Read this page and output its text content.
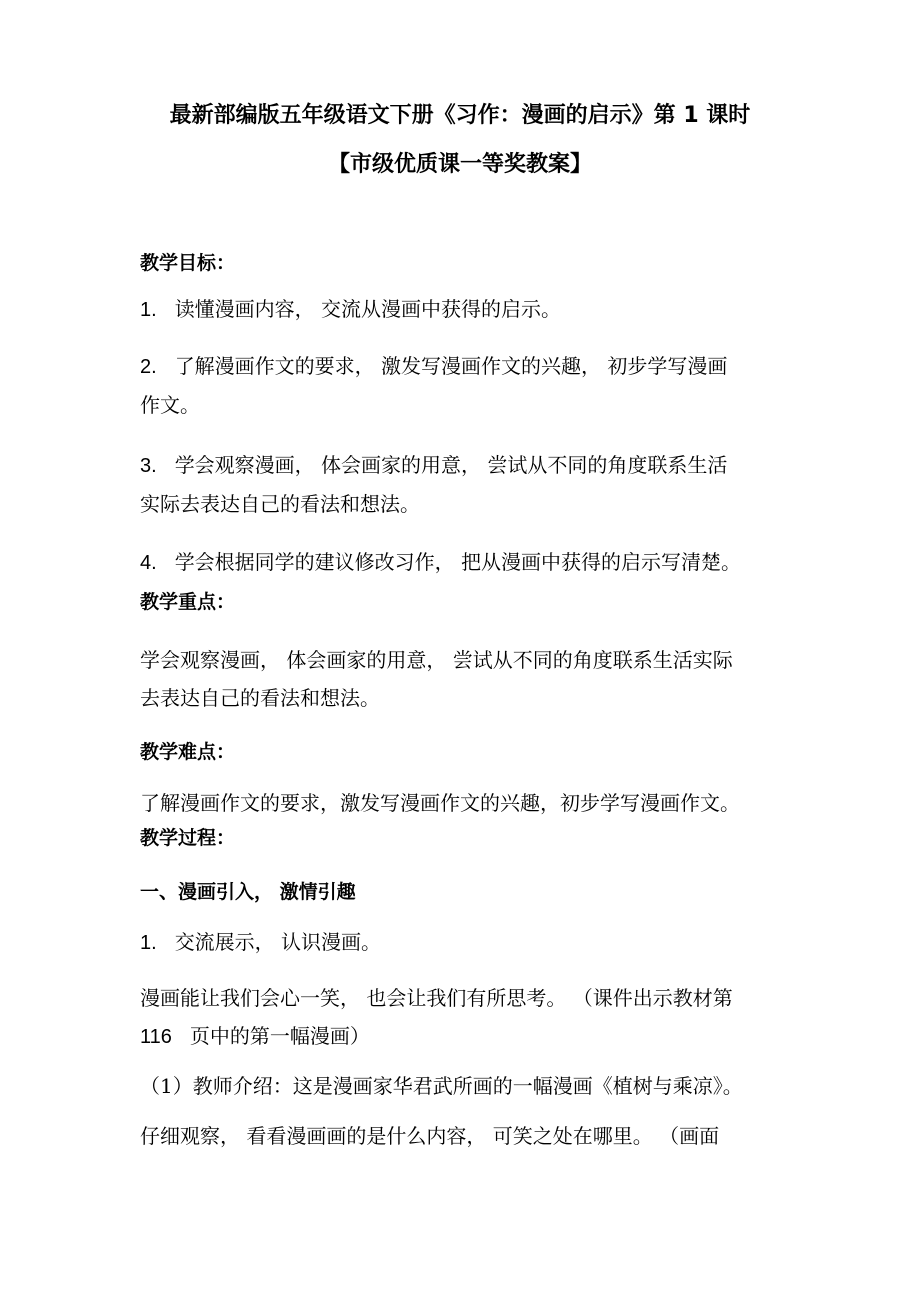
最新部编版五年级语文下册《习作：漫画的启示》第 1 课时
【市级优质课一等奖教案】
教学目标：
1. 读懂漫画内容， 交流从漫画中获得的启示。
2. 了解漫画作文的要求， 激发写漫画作文的兴趣， 初步学写漫画
作文。
3. 学会观察漫画， 体会画家的用意， 尝试从不同的角度联系生活
实际去表达自己的看法和想法。
4. 学会根据同学的建议修改习作， 把从漫画中获得的启示写清楚。
教学重点：
学会观察漫画， 体会画家的用意， 尝试从不同的角度联系生活实际
去表达自己的看法和想法。
教学难点：
了解漫画作文的要求，激发写漫画作文的兴趣，初步学写漫画作文。
教学过程：
一、漫画引入， 激情引趣
1. 交流展示， 认识漫画。
漫画能让我们会心一笑， 也会让我们有所思考。 （课件出示教材第
116 页中的第一幅漫画）
（1）教师介绍：这是漫画家华君武所画的一幅漫画《植树与乘凉》。
仔细观察， 看看漫画画的是什么内容， 可笑之处在哪里。 （画面
